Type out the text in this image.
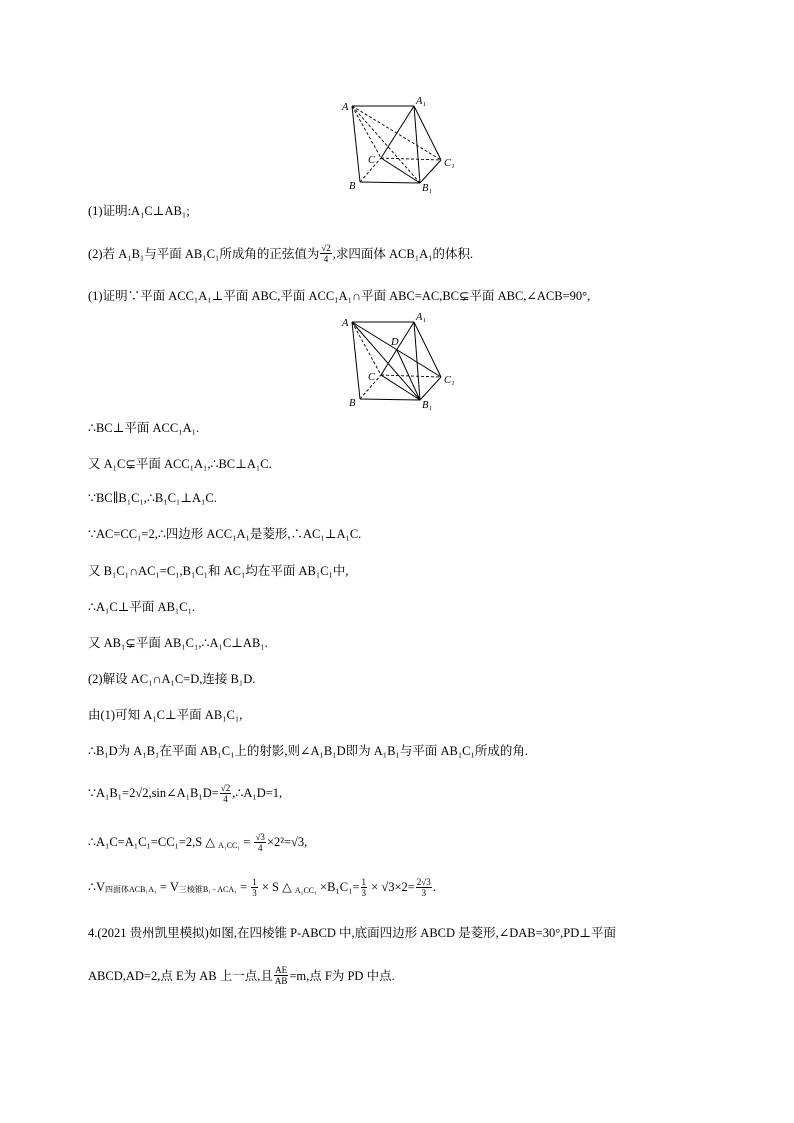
A
A₁
C	C₁
B	B₁
(1)证明:A₁C⊥AB₁;
(2)若 A₁B₁与平面 AB₁C₁所成角的正弦值为 $\frac{√2}{4}$ ,求四面体 ACB₁A₁的体积.
(1)证明∵平面 ACC₁A₁⊥平面 ABC,平面 ACC₁A₁∩平面 ABC=AC,BC⊊平面 ABC,∠ACB=90°,
A
A₁
D
C	C₁
B	B₁
∴BC⊥平面 ACC₁A₁.
又 A₁C⊊平面 ACC₁A₁,∴BC⊥A₁C.
∵BC∥B₁C₁,∴B₁C₁⊥A₁C.
∵AC=CC₁=2,∴四边形 ACC₁A₁是菱形,∴AC₁⊥A₁C.
又 B₁C₁∩AC₁=C₁,B₁C₁和 AC₁均在平面 AB₁C₁中,
∴A₁C⊥平面 AB₁C₁.
又 AB₁⊊平面 AB₁C₁,∴A₁C⊥AB₁.
(2)解设 AC₁∩A₁C=D,连接 B₁D.
由(1)可知 A₁C⊥平面 AB₁C₁,
∴B₁D为 A₁B₁在平面 AB₁C₁上的射影,则∠A₁B₁D即为 A₁B₁与平面 AB₁C₁所成的角.
∵A₁B₁=2√2,sin∠A₁B₁D= $\frac{√2}{4}$ ,∴A₁D=1,
∴A₁C=A₁C₁=CC₁=2,S △ $A_1CC_1 = \frac{√3}{4} \times 2^2=√3$,
∴V 四面体ACB₁A₁ = V 三棱锥$B_1 - ACA_1 = \frac{1}{3} \times S$ △ $A_1CC_1 \times B_1C_1= \frac{1}{3} \times √3\times 2= \frac{2√3}{3}$ .
4.(2021 贵州凯里模拟)如图,在四棱锥 P-ABCD 中,底面四边形 ABCD 是菱形,∠DAB=30°,PD⊥平面
ABCD,AD=2,点 E为 AB 上一点,且 $\frac{AE}{AB} =m$,点 F为 PD 中点.
